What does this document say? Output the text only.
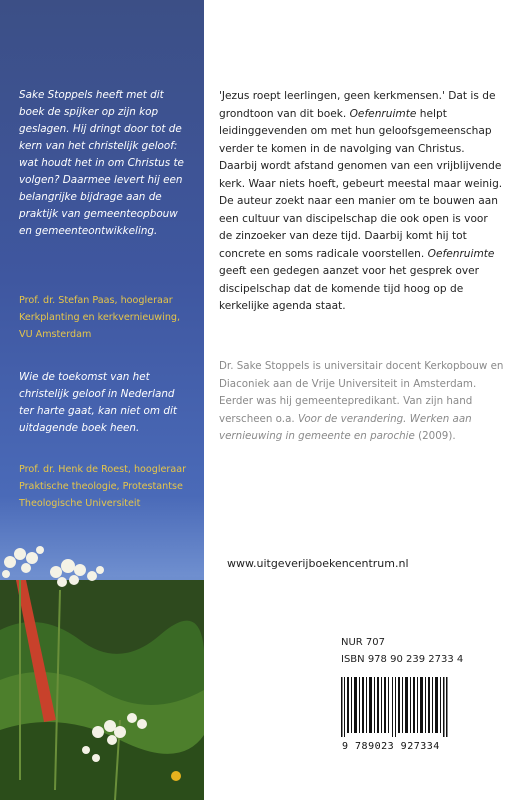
Sake Stoppels heeft met dit boek de spijker op zijn kop geslagen. Hij dringt door tot de kern van het christelijk geloof: wat houdt het in om Christus te volgen? Daarmee levert hij een belangrijke bijdrage aan de praktijk van gemeenteopbouw en gemeenteontwikkeling.

Prof. dr. Stefan Paas, hoogleraar Kerkplanting en kerkvernieuwing, VU Amsterdam

Wie de toekomst van het christelijk geloof in Nederland ter harte gaat, kan niet om dit uitdagende boek heen.

Prof. dr. Henk de Roest, hoogleraar Praktische theologie, Protestantse Theologische Universiteit

'Jezus roept leerlingen, geen kerkmensen.' Dat is de grondtoon van dit boek. Oefenruimte helpt leidinggevenden om met hun geloofsgemeenschap verder te komen in de navolging van Christus. Daarbij wordt afstand genomen van een vrijblijvende kerk. Waar niets hoeft, gebeurt meestal maar weinig. De auteur zoekt naar een manier om te bouwen aan een cultuur van discipelschap die ook open is voor de zinzoeker van deze tijd. Daarbij komt hij tot concrete en soms radicale voorstellen. Oefenruimte geeft een gedegen aanzet voor het gesprek over discipelschap dat de komende tijd hoog op de kerkelijke agenda staat.

Dr. Sake Stoppels is universitair docent Kerkopbouw en Diaconiek aan de Vrije Universiteit in Amsterdam. Eerder was hij gemeentepredikant. Van zijn hand verscheen o.a. Voor de verandering. Werken aan vernieuwing in gemeente en parochie (2009).

www.uitgeverijboekencentrum.nl

NUR 707

ISBN 978 90 239 2733 4

9 789023 927334
